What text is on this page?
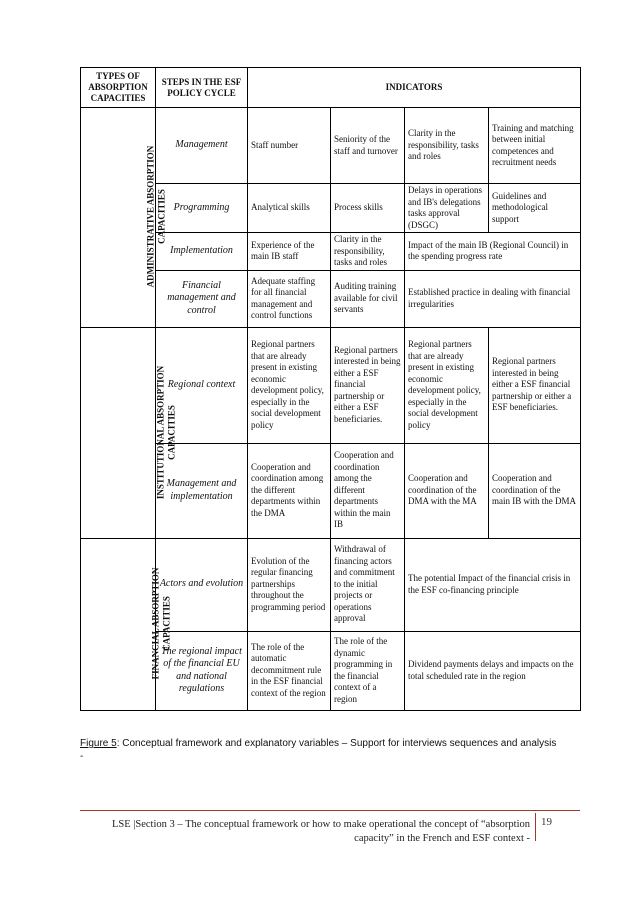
TYPES OF ABSORPTION CAPACITIES	STEPS IN THE ESF POLICY CYCLE	INDICATORS			
ADMINISTRATIVE ABSORPTION CAPACITIES	Management	Staff number	Seniority of the staff and turnover	Clarity in the responsibility, tasks and roles	Training and matching between initial competences and recruitment needs
	Programming	Analytical skills	Process skills	Delays in operations and IB's delegations tasks approval (DSGC)	Guidelines and methodological support
	Implementation	Experience of the main IB staff	Clarity in the responsibility, tasks and roles	Impact of the main IB (Regional Council) in the spending progress rate	
	Financial management and control	Adequate staffing for all financial management and control functions	Auditing training available for civil servants	Established practice in dealing with financial irregularities	
INSTITUTIONAL ABSORPTION CAPACITIES	Regional context	Regional partners that are already present in existing economic development policy, especially in the social development policy	Regional partners interested in being either a ESF financial partnership or either a ESF beneficiaries.	Regional partners that are already present in existing economic development policy, especially in the social development policy	Regional partners interested in being either a ESF financial partnership or either a ESF beneficiaries.
	Management and implementation	Cooperation and coordination among the different departments within the DMA	Cooperation and coordination among the different departments within the main IB	Cooperation and coordination of the DMA with the MA	Cooperation and coordination of the main IB with the DMA
FINANCIAL ABSORPTION CAPACITIES	Actors and evolution	Evolution of the regular financing partnerships throughout the programming period	Withdrawal of financing actors and commitment to the initial projects or operations approval	The potential Impact of the financial crisis in the ESF co-financing principle	
	The regional impact of the financial EU and national regulations	The role of the automatic decommitment rule in the ESF financial context of the region	The role of the dynamic programming in the financial context of a region	Dividend payments delays and impacts on the total scheduled rate in the region	
Figure 5: Conceptual framework and explanatory variables – Support for interviews sequences and analysis -
LSE |Section 3 – The conceptual framework or how to make operational the concept of “absorption capacity” in the French and ESF context -
19
